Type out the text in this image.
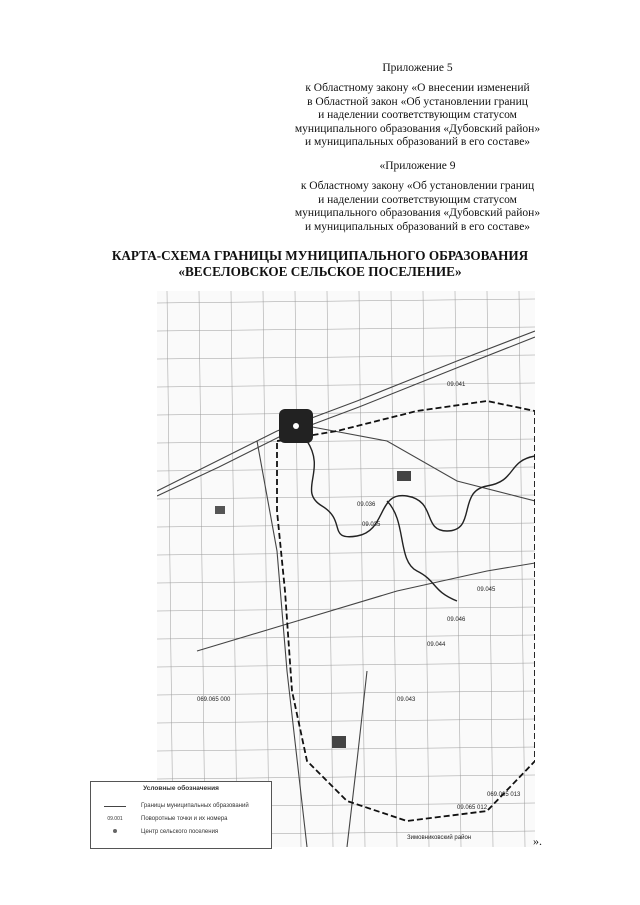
Приложение 5
к Областному закону «О внесении изменений
в Областной закон «Об установлении границ
и наделении соответствующим статусом
муниципального образования «Дубовский район»
и муниципальных образований в его составе»
«Приложение 9
к Областному закону «Об установлении границ
и наделении соответствующим статусом
муниципального образования «Дубовский район»
и муниципальных образований в его составе»
КАРТА-СХЕМА ГРАНИЦЫ МУНИЦИПАЛЬНОГО ОБРАЗОВАНИЯ
«ВЕСЕЛОВСКОЕ СЕЛЬСКОЕ ПОСЕЛЕНИЕ»
09.041
09.036
09.035
09.045
09.044
09.046
09.043
069.065 013
09.065 012
069.065 000
Зимовниковский район
Условные обозначения
Границы муниципальных образований
09.001	Поворотные точки и их номера
Центр сельского поселения
».
